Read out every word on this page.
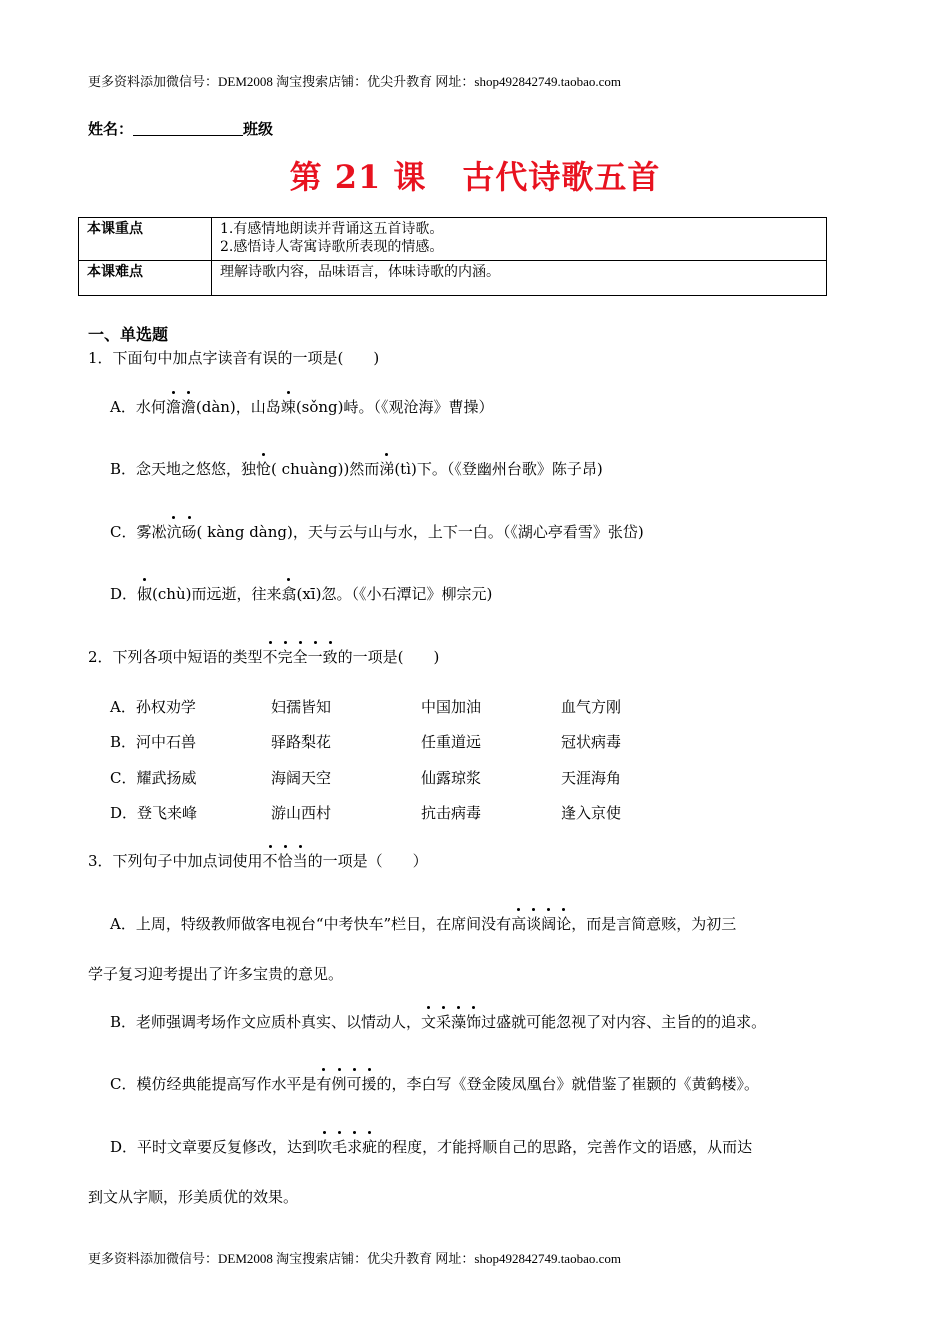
更多资料添加微信号：DEM2008 淘宝搜索店铺：优尖升教育 网址：shop492842749.taobao.com
姓名：	班级
第 21 课 古代诗歌五首
本课重点	1.有感情地朗读并背诵这五首诗歌。
2.感悟诗人寄寓诗歌所表现的情感。

本课难点	理解诗歌内容，品味语言，体味诗歌的内涵。
一、单选题
1．下面句中加点字读音有误的一项是(　　)
A．水何澹澹(dàn)，山岛竦(sǒng)峙。（《观沧海》曹操）
B．念天地之悠悠，独怆( chuàng))然而涕(tì)下。（《登幽州台歌》陈子昂)
C．雾凇沆砀( kàng dàng)，天与云与山与水，上下一白。（《湖心亭看雪》张岱)
D．俶(chù)而远逝，往来翕(xī)忽。（《小石潭记》柳宗元)
2．下列各项中短语的类型不完全一致的一项是(　　)
A．孙权劝学	妇孺皆知	中国加油	血气方刚
B．河中石兽	驿路梨花	任重道远	冠状病毒
C．耀武扬威	海阔天空	仙露琼浆	天涯海角
D．登飞来峰	游山西村	抗击病毒	逢入京使
3．下列句子中加点词使用不恰当的一项是（　　）
A．上周，特级教师做客电视台“中考快车”栏目，在席间没有高谈阔论，而是言简意赅，为初三
学子复习迎考提出了许多宝贵的意见。
B．老师强调考场作文应质朴真实、以情动人，文采藻饰过盛就可能忽视了对内容、主旨的的追求。
C．模仿经典能提高写作水平是有例可援的，李白写《登金陵凤凰台》就借鉴了崔颢的《黄鹤楼》。
D．平时文章要反复修改，达到吹毛求疵的程度，才能捋顺自己的思路，完善作文的语感，从而达
到文从字顺，形美质优的效果。
更多资料添加微信号：DEM2008 淘宝搜索店铺：优尖升教育 网址：shop492842749.taobao.com
